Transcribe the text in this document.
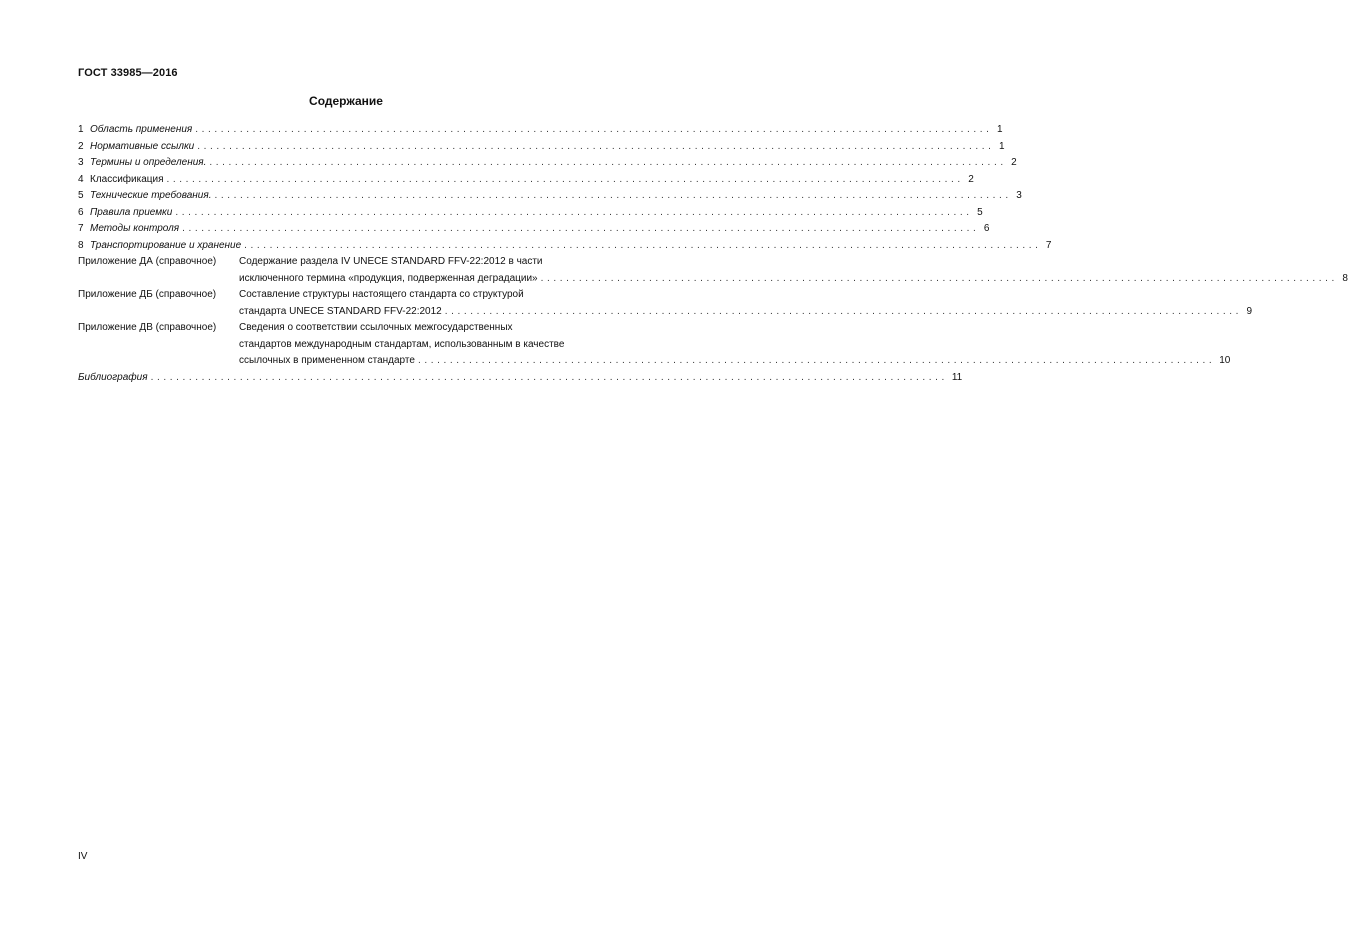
ГОСТ 33985—2016
Содержание
1 Область применения ............................................................................................................................. 1
2 Нормативные ссылки ............................................................................................................................. 1
3 Термины и определения. ............................................................................................................................. 2
4 Классификация ............................................................................................................................. 2
5 Технические требования. ............................................................................................................................. 3
6 Правила приемки ............................................................................................................................. 5
7 Методы контроля ............................................................................................................................. 6
8 Транспортирование и хранение ............................................................................................................................. 7
Приложение ДА (справочное)	Содержание раздела IV UNECE STANDARD FFV-22:2012 в части
исключенного термина «продукция, подверженная деградации» ............................................................................................................................. 8
Приложение ДБ (справочное)	Составление структуры настоящего стандарта со структурой
стандарта UNECE STANDARD FFV-22:2012 ............................................................................................................................. 9
Приложение ДВ (справочное)	Сведения о соответствии ссылочных межгосударственных
стандартов международным стандартам, использованным в качестве
ссылочных в примененном стандарте ............................................................................................................................. 10
Библиография ............................................................................................................................. 11
IV
